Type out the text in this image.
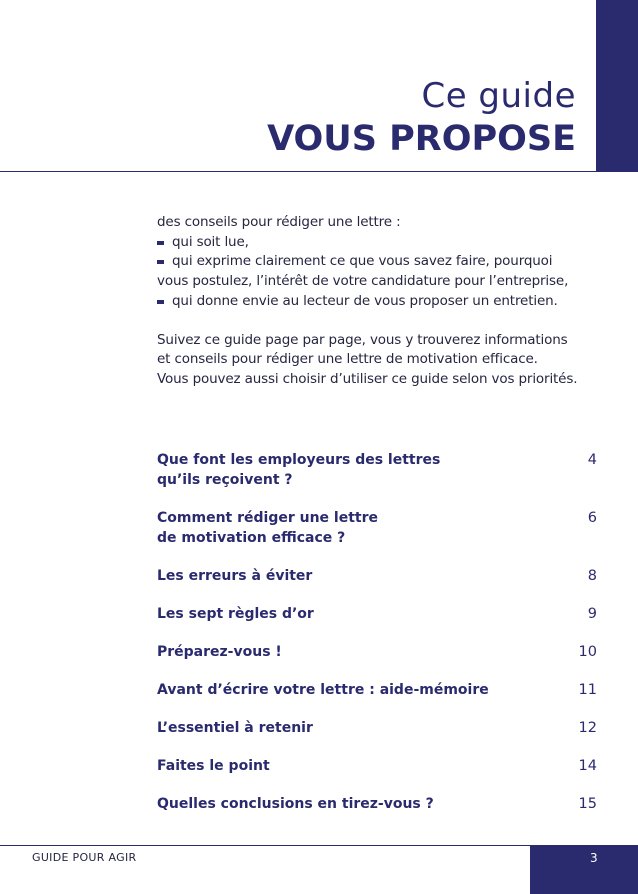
Ce guide
VOUS PROPOSE

des conseils pour rédiger une lettre :

qui soit lue,

qui exprime clairement ce que vous savez faire, pourquoi

vous postulez, l’intérêt de votre candidature pour l’entreprise,

qui donne envie au lecteur de vous proposer un entretien.

Suivez ce guide page par page, vous y trouverez informations

et conseils pour rédiger une lettre de motivation efficace.

Vous pouvez aussi choisir d’utiliser ce guide selon vos priorités.

Que font les employeurs des lettres
qu’ils reçoivent ?
4
Comment rédiger une lettre
de motivation efficace ?
6
Les erreurs à éviter	8
Les sept règles d’or	9
Préparez-vous !	10
Avant d’écrire votre lettre : aide-mémoire	11
L’essentiel à retenir	12
Faites le point	14
Quelles conclusions en tirez-vous ?	15
GUIDE POUR AGIR	3
